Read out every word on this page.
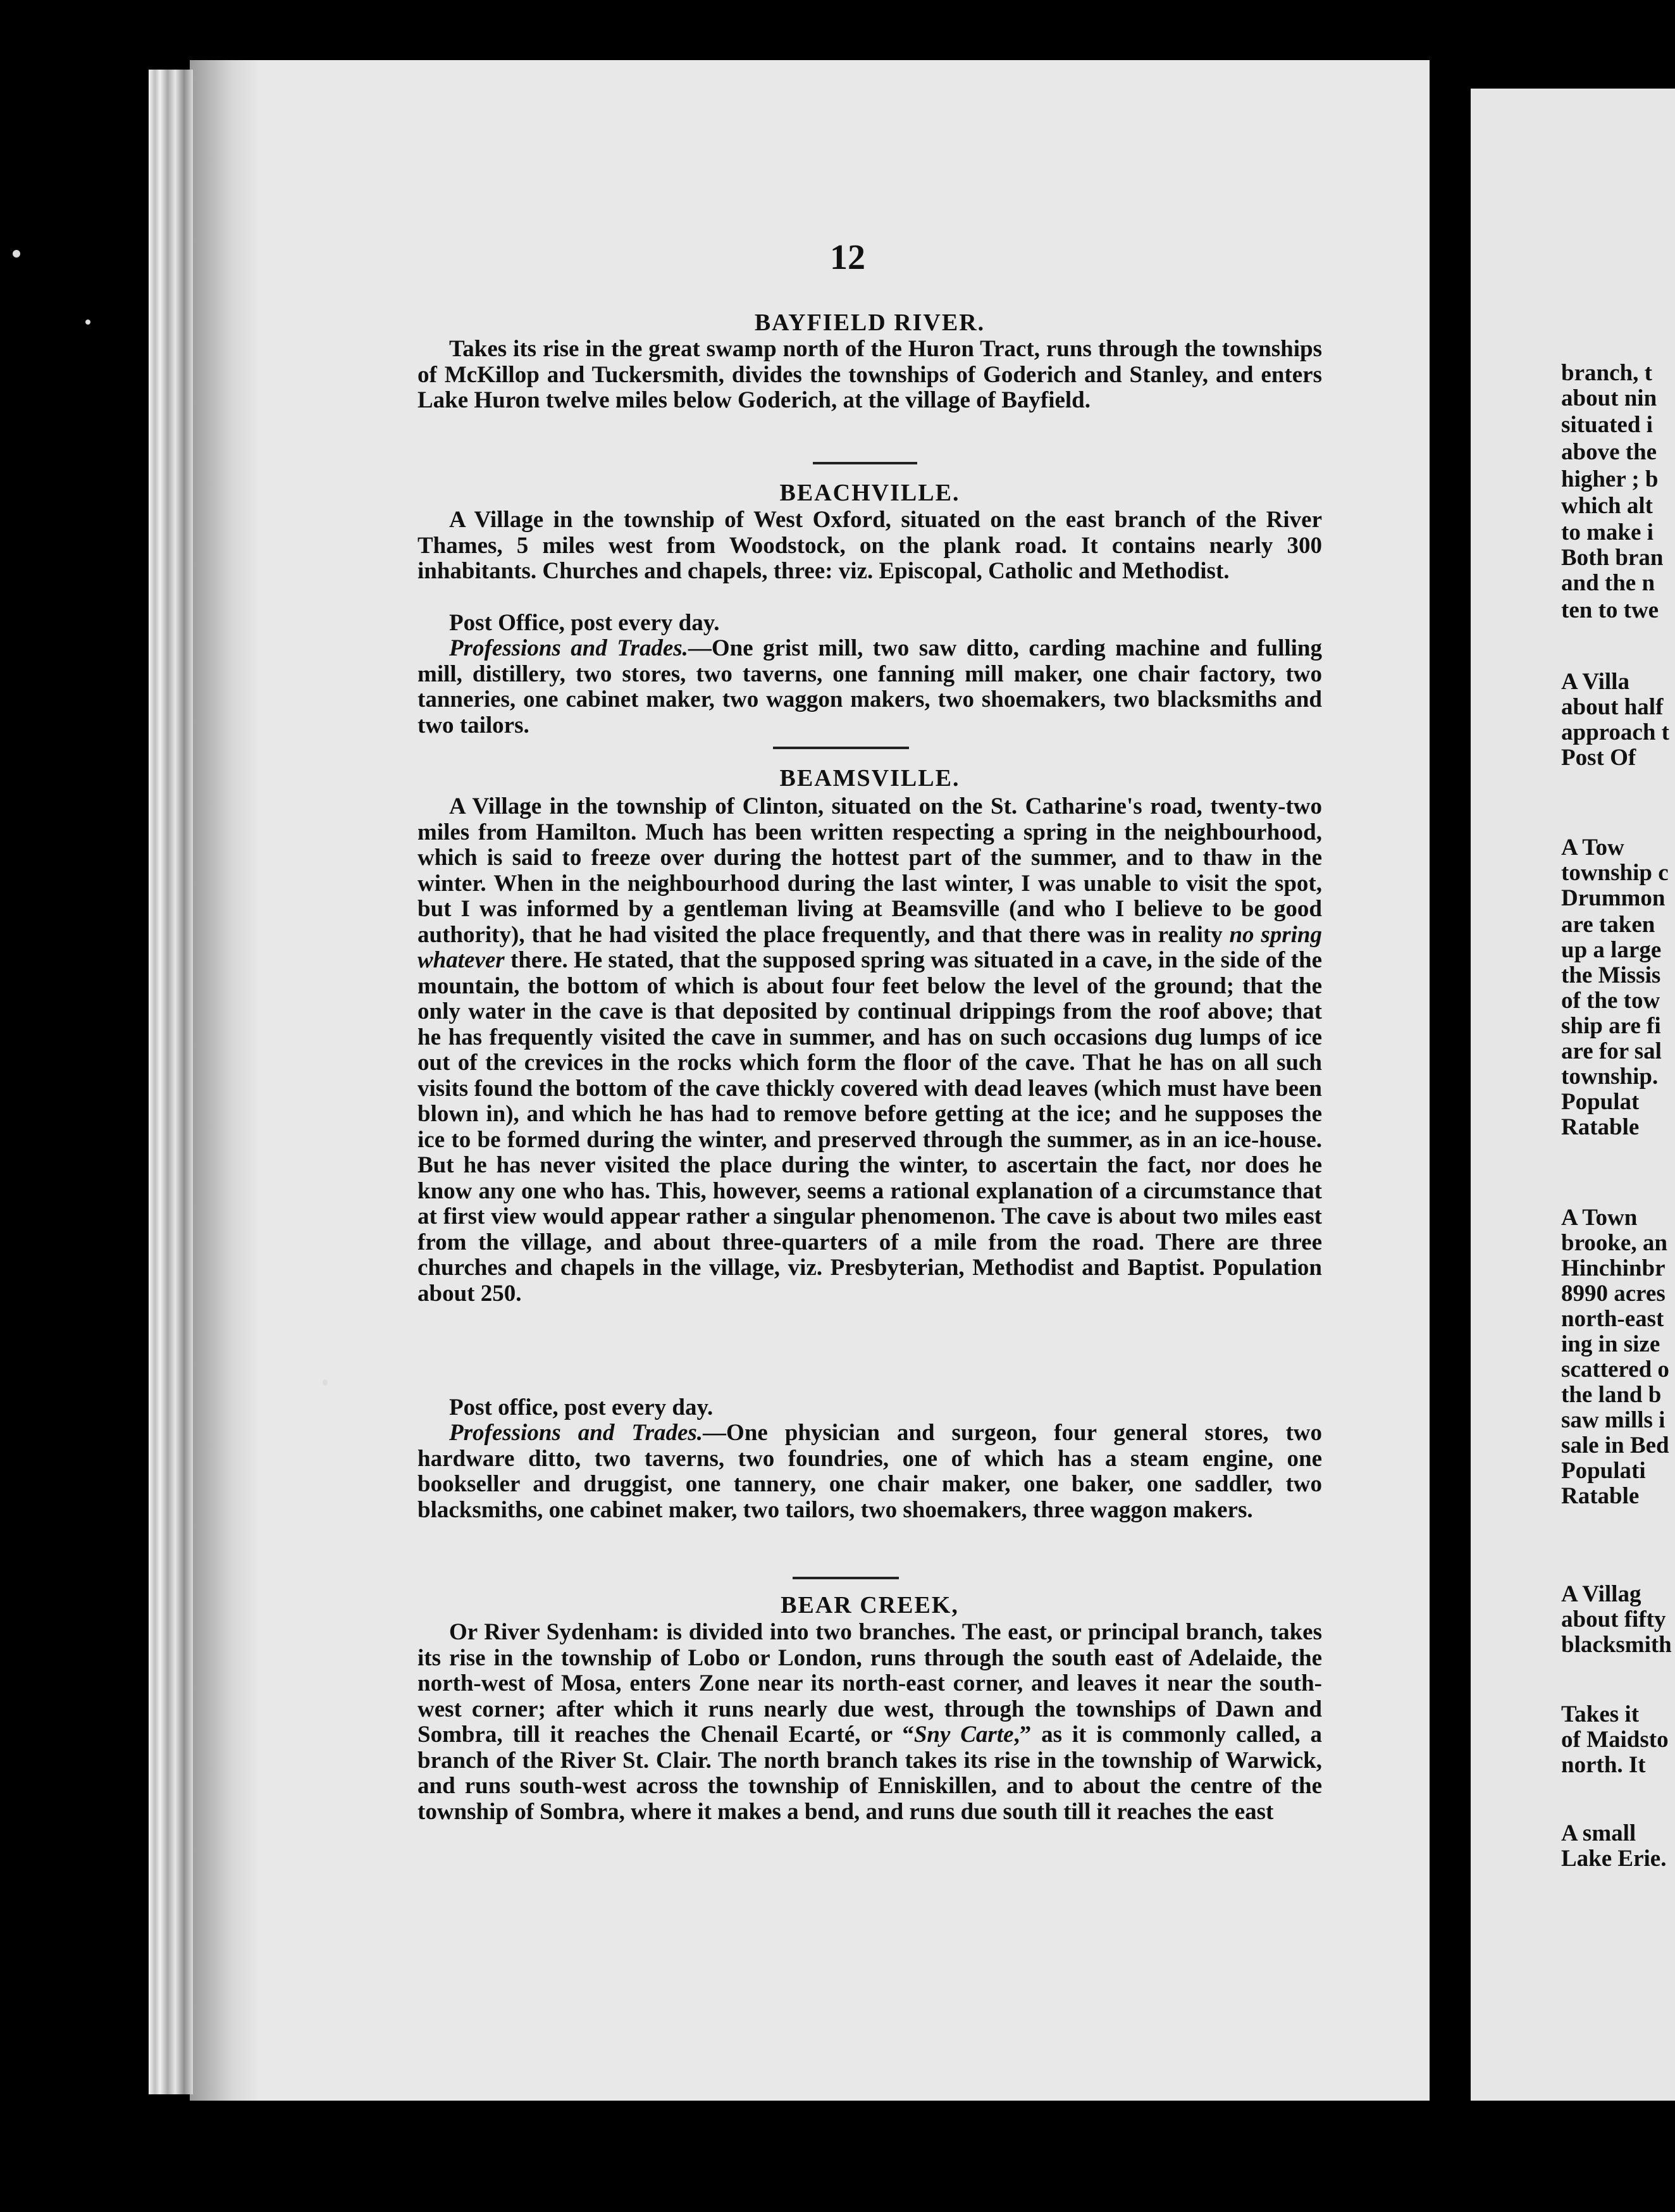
12
BAYFIELD RIVER.

Takes its rise in the great swamp north of the Huron Tract, runs through the townships of McKillop and Tuckersmith, divides the townships of Goderich and Stanley, and enters Lake Huron twelve miles below Goderich, at the village of Bayfield.

BEACHVILLE.

A Village in the township of West Oxford, situated on the east branch of the River Thames, 5 miles west from Woodstock, on the plank road. It contains nearly 300 inhabitants. Churches and chapels, three: viz. Episcopal, Catholic and Methodist.

Post Office, post every day.

Professions and Trades.—One grist mill, two saw ditto, carding machine and fulling mill, distillery, two stores, two taverns, one fanning mill maker, one chair factory, two tanneries, one cabinet maker, two waggon makers, two shoemakers, two blacksmiths and two tailors.

BEAMSVILLE.

A Village in the township of Clinton, situated on the St. Catharine's road, twenty-two miles from Hamilton. Much has been written respecting a spring in the neighbourhood, which is said to freeze over during the hottest part of the summer, and to thaw in the winter. When in the neighbourhood during the last winter, I was unable to visit the spot, but I was informed by a gentleman living at Beamsville (and who I believe to be good authority), that he had visited the place frequently, and that there was in reality no spring whatever there. He stated, that the supposed spring was situated in a cave, in the side of the mountain, the bottom of which is about four feet below the level of the ground; that the only water in the cave is that deposited by continual drippings from the roof above; that he has frequently visited the cave in summer, and has on such occasions dug lumps of ice out of the crevices in the rocks which form the floor of the cave. That he has on all such visits found the bottom of the cave thickly covered with dead leaves (which must have been blown in), and which he has had to remove before getting at the ice; and he supposes the ice to be formed during the winter, and preserved through the summer, as in an ice-house. But he has never visited the place during the winter, to ascertain the fact, nor does he know any one who has. This, however, seems a rational explanation of a circumstance that at first view would appear rather a singular phenomenon. The cave is about two miles east from the village, and about three-quarters of a mile from the road. There are three churches and chapels in the village, viz. Presbyterian, Methodist and Baptist. Population about 250.

Post office, post every day.

Professions and Trades.—One physician and surgeon, four general stores, two hardware ditto, two taverns, two foundries, one of which has a steam engine, one bookseller and druggist, one tannery, one chair maker, one baker, one saddler, two blacksmiths, one cabinet maker, two tailors, two shoemakers, three waggon makers.

BEAR CREEK,

Or River Sydenham: is divided into two branches. The east, or principal branch, takes its rise in the township of Lobo or London, runs through the south east of Adelaide, the north-west of Mosa, enters Zone near its north-east corner, and leaves it near the south-west corner; after which it runs nearly due west, through the townships of Dawn and Sombra, till it reaches the Chenail Ecarté, or “Sny Carte,” as it is commonly called, a branch of the River St. Clair. The north branch takes its rise in the township of Warwick, and runs south-west across the township of Enniskillen, and to about the centre of the township of Sombra, where it makes a bend, and runs due south till it reaches the east

branch, t
about nin
situated i
above the
higher ; b
which alt
to make i
Both bran
and the n
ten to twe
A Villa
about half
approach t
Post Of
A Tow
township c
Drummon
are taken
up a large
the Missis
of the tow
ship are fi
are for sal
township.
Populat
Ratable
A Town
brooke, an
Hinchinbr
8990 acres
north-east
ing in size
scattered o
the land b
saw mills i
sale in Bed
Populati
Ratable
A Villag
about fifty
blacksmith
Takes it
of Maidsto
north. It
A small
Lake Erie.
